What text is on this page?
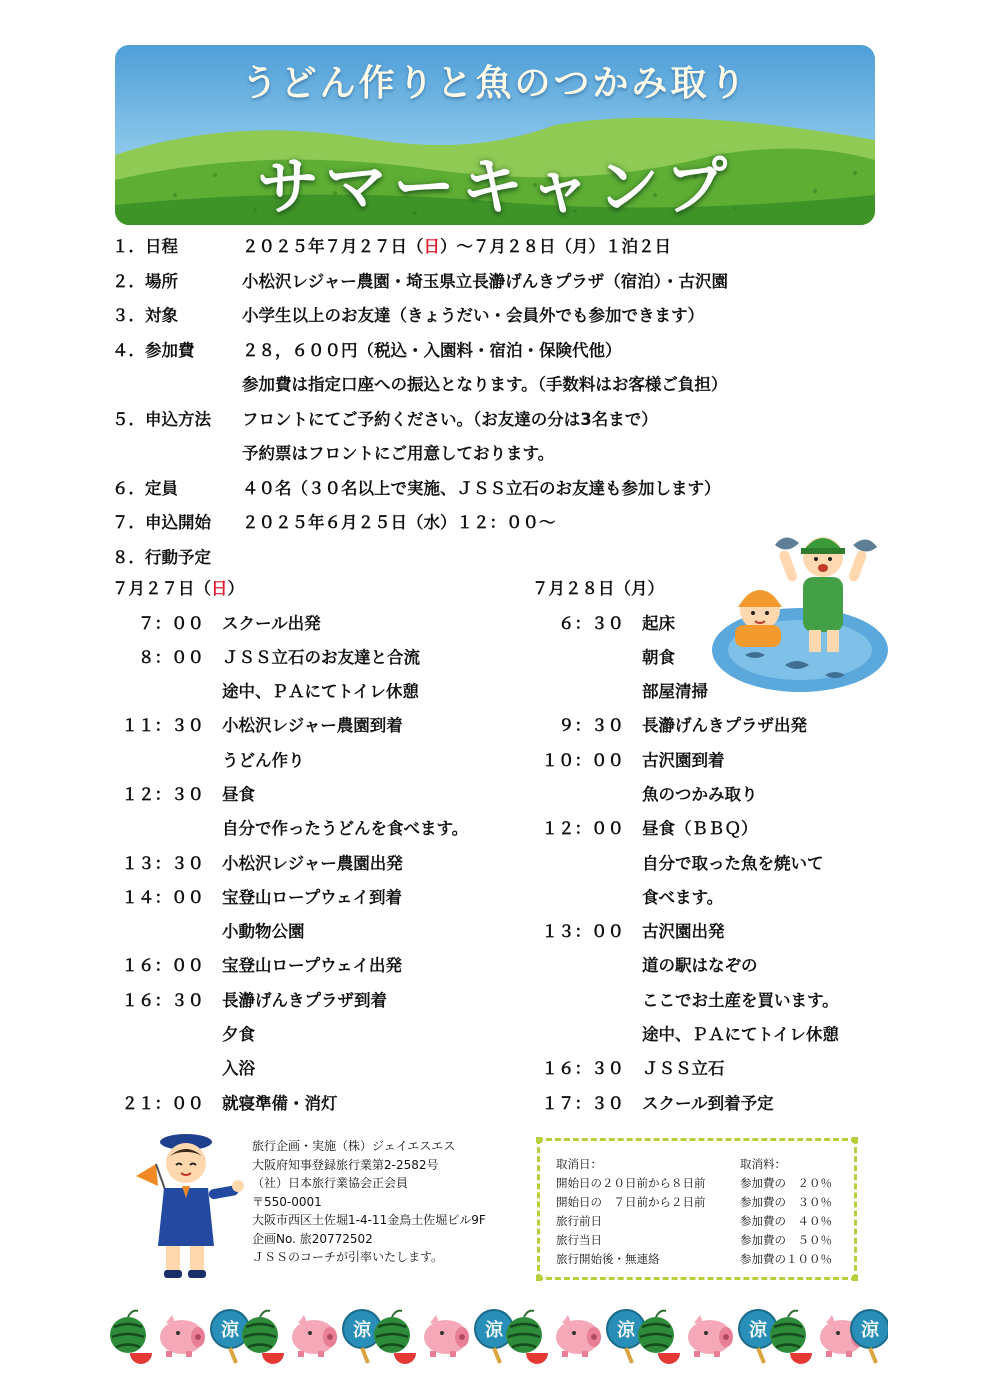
うどん作りと魚のつかみ取り
サマーキャンプ
１．日程	２０２５年７月２７日（日）～７月２８日（月）１泊２日
２．場所	小松沢レジャー農園・埼玉県立長瀞げんきプラザ（宿泊）・古沢園
３．対象	小学生以上のお友達（きょうだい・会員外でも参加できます）
４．参加費	２８，６００円（税込・入園料・宿泊・保険代他）
参加費は指定口座への振込となります。（手数料はお客様ご負担）
５．申込方法 フロントにてご予約ください。（お友達の分は3名まで）
予約票はフロントにご用意しております。
６．定員	４０名（３０名以上で実施、ＪＳＳ立石のお友達も参加します）
７．申込開始 ２０２５年６月２５日（水）１２：００～
８．行動予定
７月２７日（日）
７：００ スクール出発
８：００ ＪＳＳ立石のお友達と合流
途中、ＰＡにてトイレ休憩
１１：３０ 小松沢レジャー農園到着
うどん作り
１２：３０ 昼食
自分で作ったうどんを食べます。
１３：３０ 小松沢レジャー農園出発
１４：００ 宝登山ロープウェイ到着
小動物公園
１６：００ 宝登山ロープウェイ出発
１６：３０ 長瀞げんきプラザ到着
夕食
入浴
２１：００ 就寝準備・消灯
７月２８日（月）
６：３０ 起床
朝食
部屋清掃
９：３０ 長瀞げんきプラザ出発
１０：００ 古沢園到着
魚のつかみ取り
１２：００ 昼食（ＢＢＱ）
自分で取った魚を焼いて
食べます。
１３：００ 古沢園出発
道の駅はなぞの
ここでお土産を買います。
途中、ＰＡにてトイレ休憩
１６：３０ ＪＳＳ立石
１７：３０ スクール到着予定
旅行企画・実施（株）ジェイエスエス
大阪府知事登録旅行業第2-2582号
（社）日本旅行業協会正会員
〒550-0001
大阪市西区土佐堀1-4-11金鳥土佐堀ビル9F
企画No. 旅20772502
ＪＳＳのコーチが引率いたします。
取消日：	取消料：
開始日の２０日前から８日前	参加費の　２０％
開始日の　７日前から２日前	参加費の　３０％
旅行前日	参加費の　４０％
旅行当日	参加費の　５０％
旅行開始後・無連絡	参加費の１００％
涼	涼	涼	涼	涼	涼
